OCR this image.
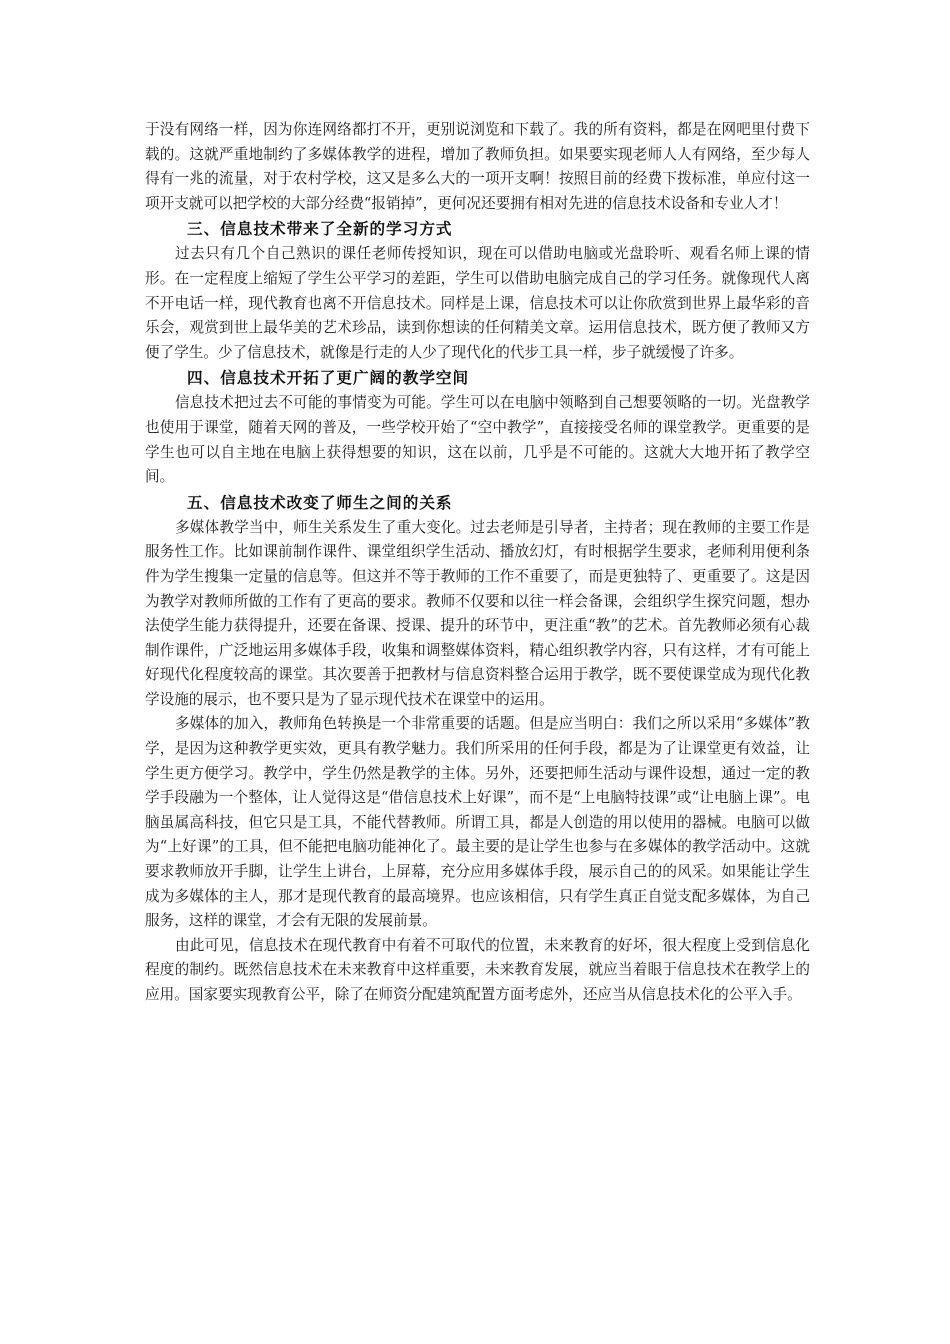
于没有网络一样，因为你连网络都打不开，更别说浏览和下载了。我的所有资料，都是在网吧里付费下载的。这就严重地制约了多媒体教学的进程，增加了教师负担。如果要实现老师人人有网络，至少每人得有一兆的流量，对于农村学校，这又是多么大的一项开支啊！按照目前的经费下拨标准，单应付这一项开支就可以把学校的大部分经费“报销掉”，更何况还要拥有相对先进的信息技术设备和专业人才！

三、信息技术带来了全新的学习方式

过去只有几个自己熟识的课任老师传授知识，现在可以借助电脑或光盘聆听、观看名师上课的情形。在一定程度上缩短了学生公平学习的差距，学生可以借助电脑完成自己的学习任务。就像现代人离不开电话一样，现代教育也离不开信息技术。同样是上课，信息技术可以让你欣赏到世界上最华彩的音乐会，观赏到世上最华美的艺术珍品，读到你想读的任何精美文章。运用信息技术，既方便了教师又方便了学生。少了信息技术，就像是行走的人少了现代化的代步工具一样，步子就缓慢了许多。

四、信息技术开拓了更广阔的教学空间

信息技术把过去不可能的事情变为可能。学生可以在电脑中领略到自己想要领略的一切。光盘教学也使用于课堂，随着天网的普及，一些学校开始了“空中教学”，直接接受名师的课堂教学。更重要的是学生也可以自主地在电脑上获得想要的知识，这在以前，几乎是不可能的。这就大大地开拓了教学空间。

五、信息技术改变了师生之间的关系

多媒体教学当中，师生关系发生了重大变化。过去老师是引导者，主持者；现在教师的主要工作是服务性工作。比如课前制作课件、课堂组织学生活动、播放幻灯，有时根据学生要求，老师利用便利条件为学生搜集一定量的信息等。但这并不等于教师的工作不重要了，而是更独特了、更重要了。这是因为教学对教师所做的工作有了更高的要求。教师不仅要和以往一样会备课，会组织学生探究问题，想办法使学生能力获得提升，还要在备课、授课、提升的环节中，更注重“教”的艺术。首先教师必须有心裁制作课件，广泛地运用多媒体手段，收集和调整媒体资料，精心组织教学内容，只有这样，才有可能上好现代化程度较高的课堂。其次要善于把教材与信息资料整合运用于教学，既不要使课堂成为现代化教学设施的展示，也不要只是为了显示现代技术在课堂中的运用。

多媒体的加入，教师角色转换是一个非常重要的话题。但是应当明白：我们之所以采用“多媒体”教学，是因为这种教学更实效，更具有教学魅力。我们所采用的任何手段，都是为了让课堂更有效益，让学生更方便学习。教学中，学生仍然是教学的主体。另外，还要把师生活动与课件设想，通过一定的教学手段融为一个整体，让人觉得这是“借信息技术上好课”，而不是“上电脑特技课”或“让电脑上课”。电脑虽属高科技，但它只是工具，不能代替教师。所谓工具，都是人创造的用以使用的器械。电脑可以做为“上好课”的工具，但不能把电脑功能神化了。最主要的是让学生也参与在多媒体的教学活动中。这就要求教师放开手脚，让学生上讲台，上屏幕，充分应用多媒体手段，展示自己的的风采。如果能让学生成为多媒体的主人，那才是现代教育的最高境界。也应该相信，只有学生真正自觉支配多媒体，为自己服务，这样的课堂，才会有无限的发展前景。

由此可见，信息技术在现代教育中有着不可取代的位置，未来教育的好坏，很大程度上受到信息化程度的制约。既然信息技术在未来教育中这样重要，未来教育发展，就应当着眼于信息技术在教学上的应用。国家要实现教育公平，除了在师资分配建筑配置方面考虑外，还应当从信息技术化的公平入手。
